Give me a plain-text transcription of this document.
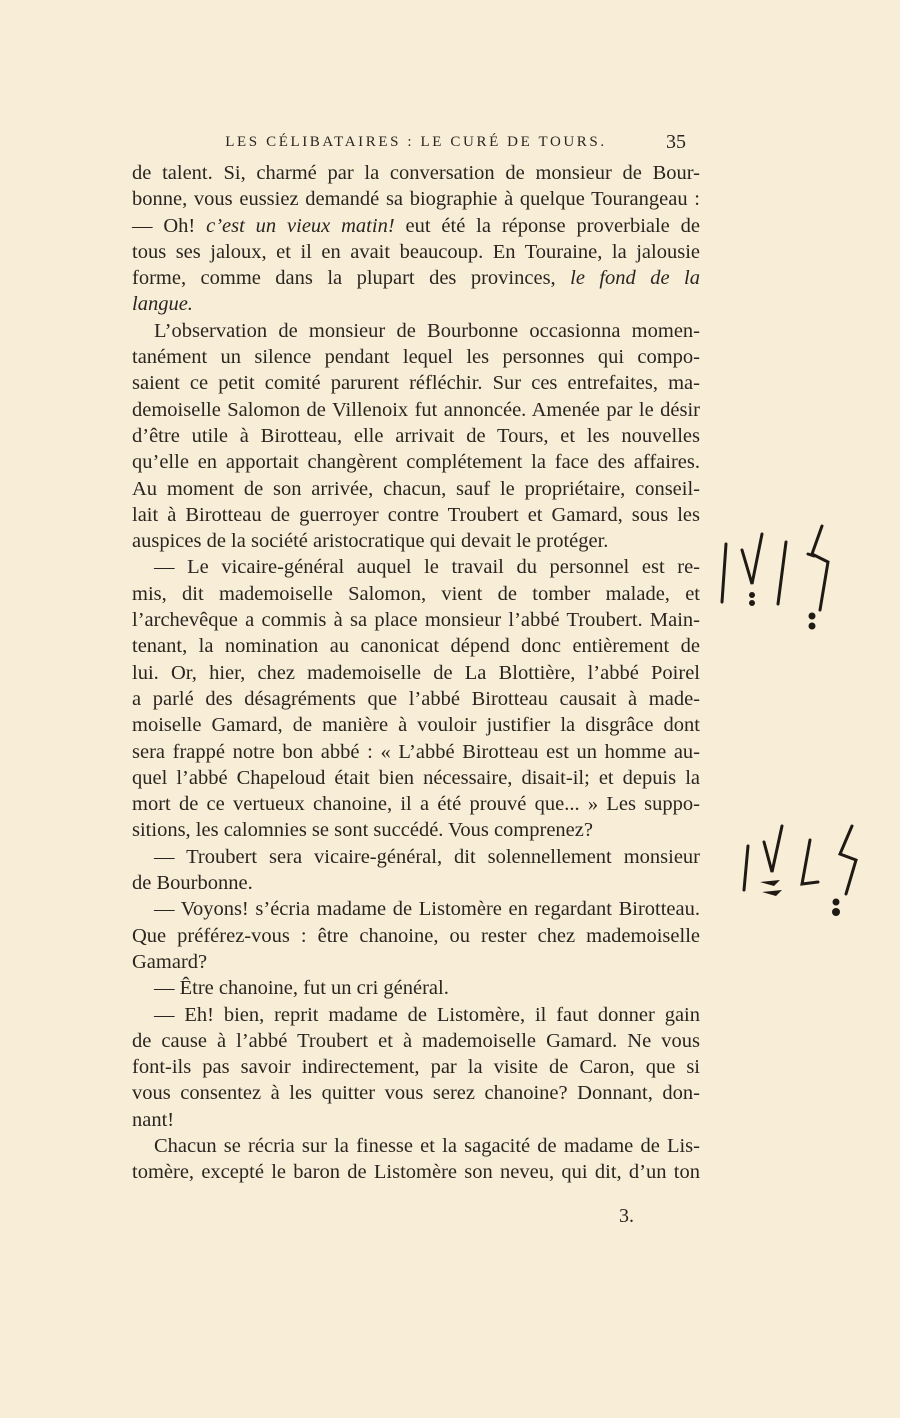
LES CÉLIBATAIRES : LE CURÉ DE TOURS.	35
de talent. Si, charmé par la conversation de monsieur de Bour-
bonne, vous eussiez demandé sa biographie à quelque Tourangeau :
— Oh! c’est un vieux matin! eut été la réponse proverbiale de
tous ses jaloux, et il en avait beaucoup. En Touraine, la jalousie
forme, comme dans la plupart des provinces, le fond de la
langue.
L’observation de monsieur de Bourbonne occasionna momen-
tanément un silence pendant lequel les personnes qui compo-
saient ce petit comité parurent réfléchir. Sur ces entrefaites, ma-
demoiselle Salomon de Villenoix fut annoncée. Amenée par le désir
d’être utile à Birotteau, elle arrivait de Tours, et les nouvelles
qu’elle en apportait changèrent complétement la face des affaires.
Au moment de son arrivée, chacun, sauf le propriétaire, conseil-
lait à Birotteau de guerroyer contre Troubert et Gamard, sous les
auspices de la société aristocratique qui devait le protéger.
— Le vicaire-général auquel le travail du personnel est re-
mis, dit mademoiselle Salomon, vient de tomber malade, et
l’archevêque a commis à sa place monsieur l’abbé Troubert. Main-
tenant, la nomination au canonicat dépend donc entièrement de
lui. Or, hier, chez mademoiselle de La Blottière, l’abbé Poirel
a parlé des désagréments que l’abbé Birotteau causait à made-
moiselle Gamard, de manière à vouloir justifier la disgrâce dont
sera frappé notre bon abbé : « L’abbé Birotteau est un homme au-
quel l’abbé Chapeloud était bien nécessaire, disait-il; et depuis la
mort de ce vertueux chanoine, il a été prouvé que... » Les suppo-
sitions, les calomnies se sont succédé. Vous comprenez?
— Troubert sera vicaire-général, dit solennellement monsieur
de Bourbonne.
— Voyons! s’écria madame de Listomère en regardant Birotteau.
Que préférez-vous : être chanoine, ou rester chez mademoiselle
Gamard?
— Être chanoine, fut un cri général.
— Eh! bien, reprit madame de Listomère, il faut donner gain
de cause à l’abbé Troubert et à mademoiselle Gamard. Ne vous
font-ils pas savoir indirectement, par la visite de Caron, que si
vous consentez à les quitter vous serez chanoine? Donnant, don-
nant!
Chacun se récria sur la finesse et la sagacité de madame de Lis-
tomère, excepté le baron de Listomère son neveu, qui dit, d’un ton
3.
